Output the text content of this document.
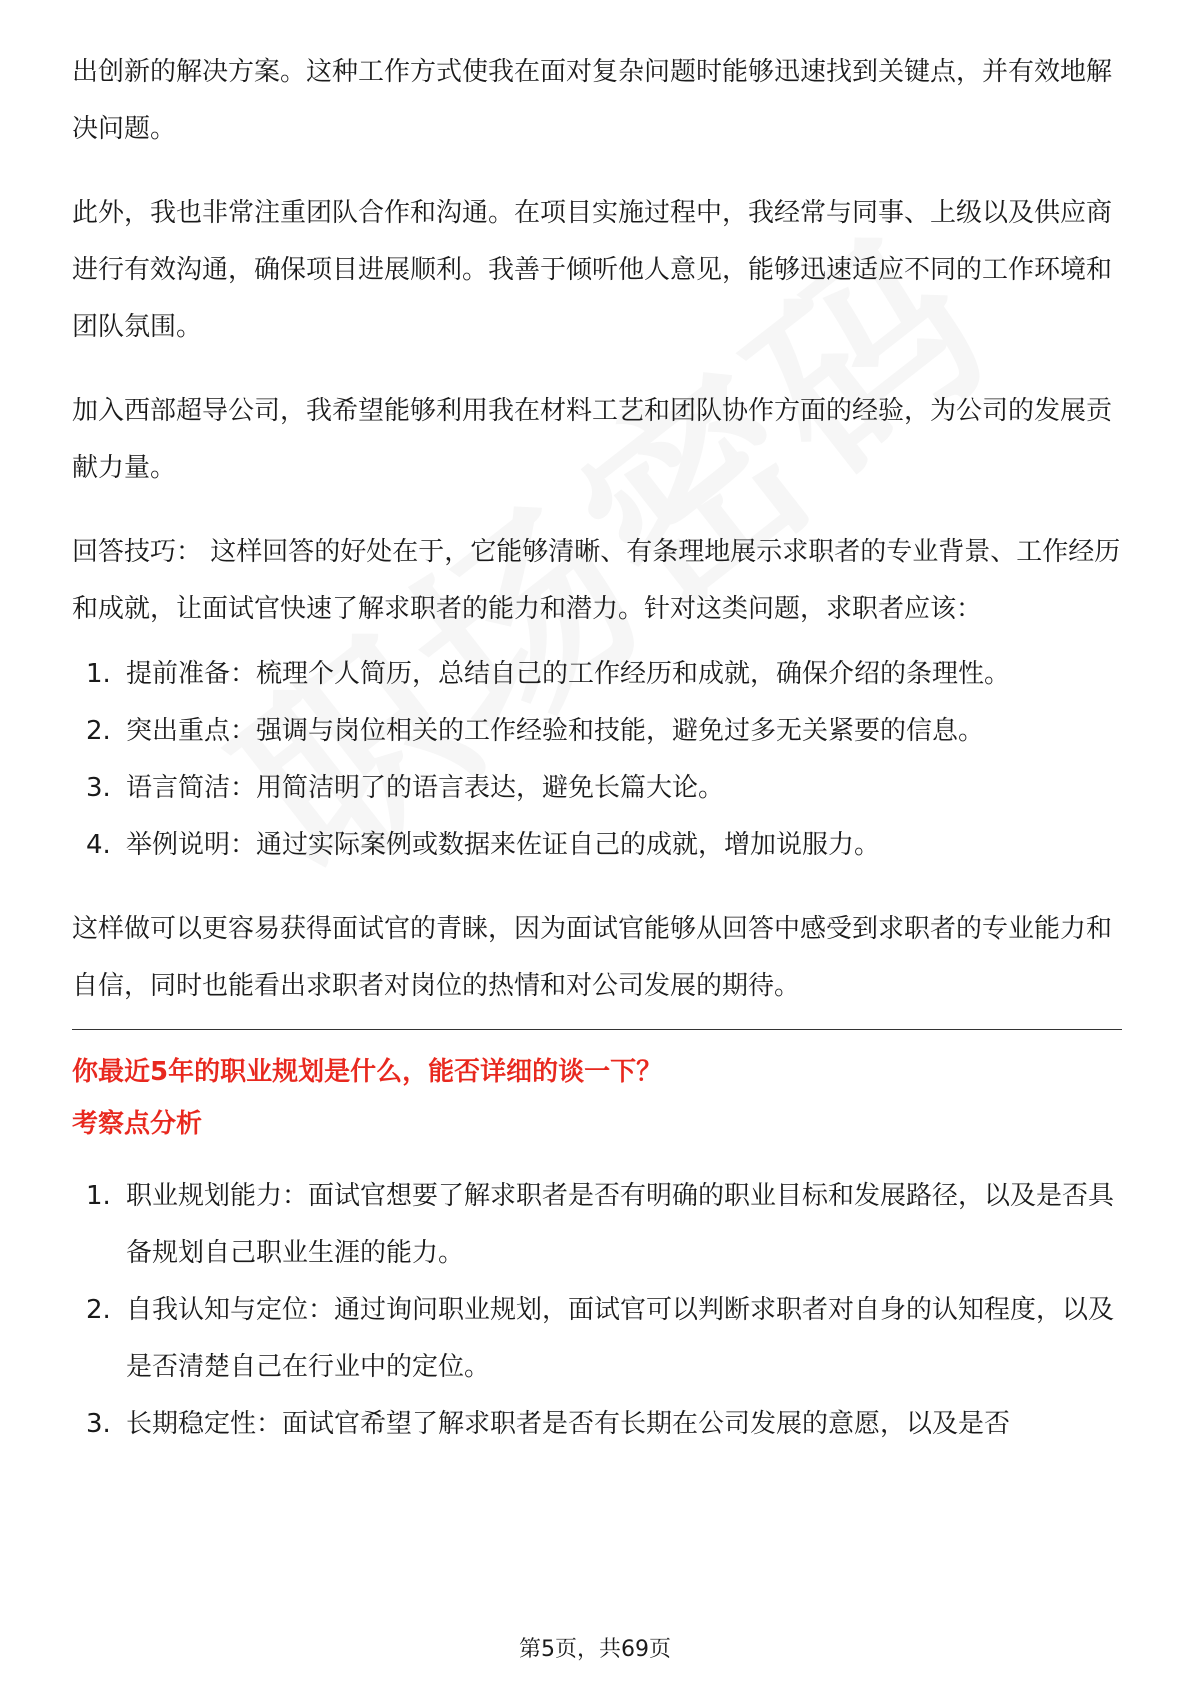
出创新的解决方案。这种工作方式使我在面对复杂问题时能够迅速找到关键点，并有效地解决问题。

此外，我也非常注重团队合作和沟通。在项目实施过程中，我经常与同事、上级以及供应商进行有效沟通，确保项目进展顺利。我善于倾听他人意见，能够迅速适应不同的工作环境和团队氛围。

加入西部超导公司，我希望能够利用我在材料工艺和团队协作方面的经验，为公司的发展贡献力量。

回答技巧： 这样回答的好处在于，它能够清晰、有条理地展示求职者的专业背景、工作经历和成就，让面试官快速了解求职者的能力和潜力。针对这类问题，求职者应该：

1. 提前准备：梳理个人简历，总结自己的工作经历和成就，确保介绍的条理性。
2. 突出重点：强调与岗位相关的工作经验和技能，避免过多无关紧要的信息。
3. 语言简洁：用简洁明了的语言表达，避免长篇大论。
4. 举例说明：通过实际案例或数据来佐证自己的成就，增加说服力。

这样做可以更容易获得面试官的青睐，因为面试官能够从回答中感受到求职者的专业能力和自信，同时也能看出求职者对岗位的热情和对公司发展的期待。

你最近5年的职业规划是什么，能否详细的谈一下？

考察点分析

1. 职业规划能力：面试官想要了解求职者是否有明确的职业目标和发展路径，以及是否具备规划自己职业生涯的能力。
2. 自我认知与定位：通过询问职业规划，面试官可以判断求职者对自身的认知程度，以及是否清楚自己在行业中的定位。
3. 长期稳定性：面试官希望了解求职者是否有长期在公司发展的意愿，以及是否
第5页，共69页
